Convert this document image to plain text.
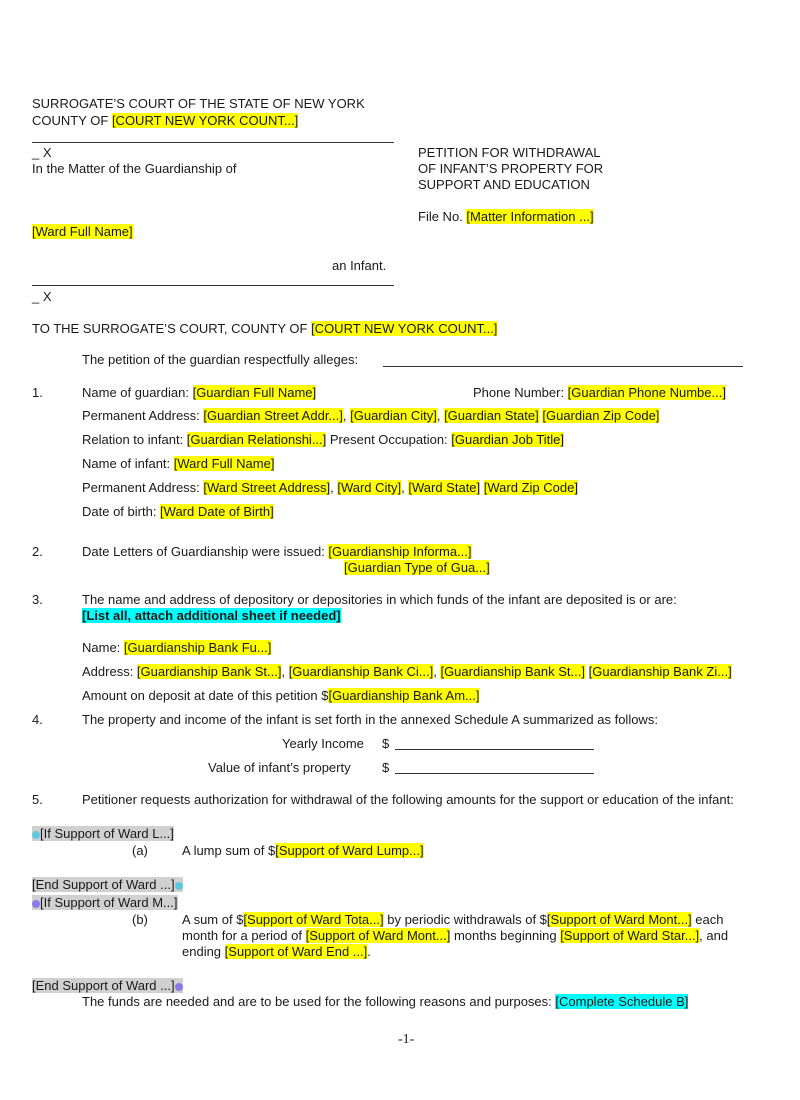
SURROGATE’S COURT OF THE STATE OF NEW YORK
COUNTY OF [COURT NEW YORK COUNT...]
_ X
In the Matter of the Guardianship of
[Ward Full Name]
an Infant.
_ X
PETITION FOR WITHDRAWAL
OF INFANT’S PROPERTY FOR
SUPPORT AND EDUCATION
File No. [Matter Information ...]
TO THE SURROGATE’S COURT, COUNTY OF [COURT NEW YORK COUNT...]
The petition of the guardian respectfully alleges:
1.	Name of guardian: [Guardian Full Name]	Phone Number: [Guardian Phone Numbe...]
Permanent Address: [Guardian Street Addr...], [Guardian City], [Guardian State] [Guardian Zip Code]
Relation to infant: [Guardian Relationshi...] Present Occupation: [Guardian Job Title]
Name of infant: [Ward Full Name]
Permanent Address: [Ward Street Address], [Ward City], [Ward State] [Ward Zip Code]
Date of birth: [Ward Date of Birth]
2.	Date Letters of Guardianship were issued: [Guardianship Informa...]
[Guardian Type of Gua...]
3.	The name and address of depository or depositories in which funds of the infant are deposited is or are:
[List all, attach additional sheet if needed]
Name: [Guardianship Bank Fu...]
Address: [Guardianship Bank St...], [Guardianship Bank Ci...], [Guardianship Bank St...] [Guardianship Bank Zi...]
Amount on deposit at date of this petition $[Guardianship Bank Am...]
4.	The property and income of the infant is set forth in the annexed Schedule A summarized as follows:
Yearly Income $
Value of infant’s property $
5.	Petitioner requests authorization for withdrawal of the following amounts for the support or education of the infant:
[If Support of Ward L...]
(a)	A lump sum of $[Support of Ward Lump...]
[End Support of Ward ...]
[If Support of Ward M...]
(b)	A sum of $[Support of Ward Tota...] by periodic withdrawals of $[Support of Ward Mont...] each
month for a period of [Support of Ward Mont...] months beginning [Support of Ward Star...], and
ending [Support of Ward End ...].
[End Support of Ward ...]
The funds are needed and are to be used for the following reasons and purposes: [Complete Schedule B]
-1-
